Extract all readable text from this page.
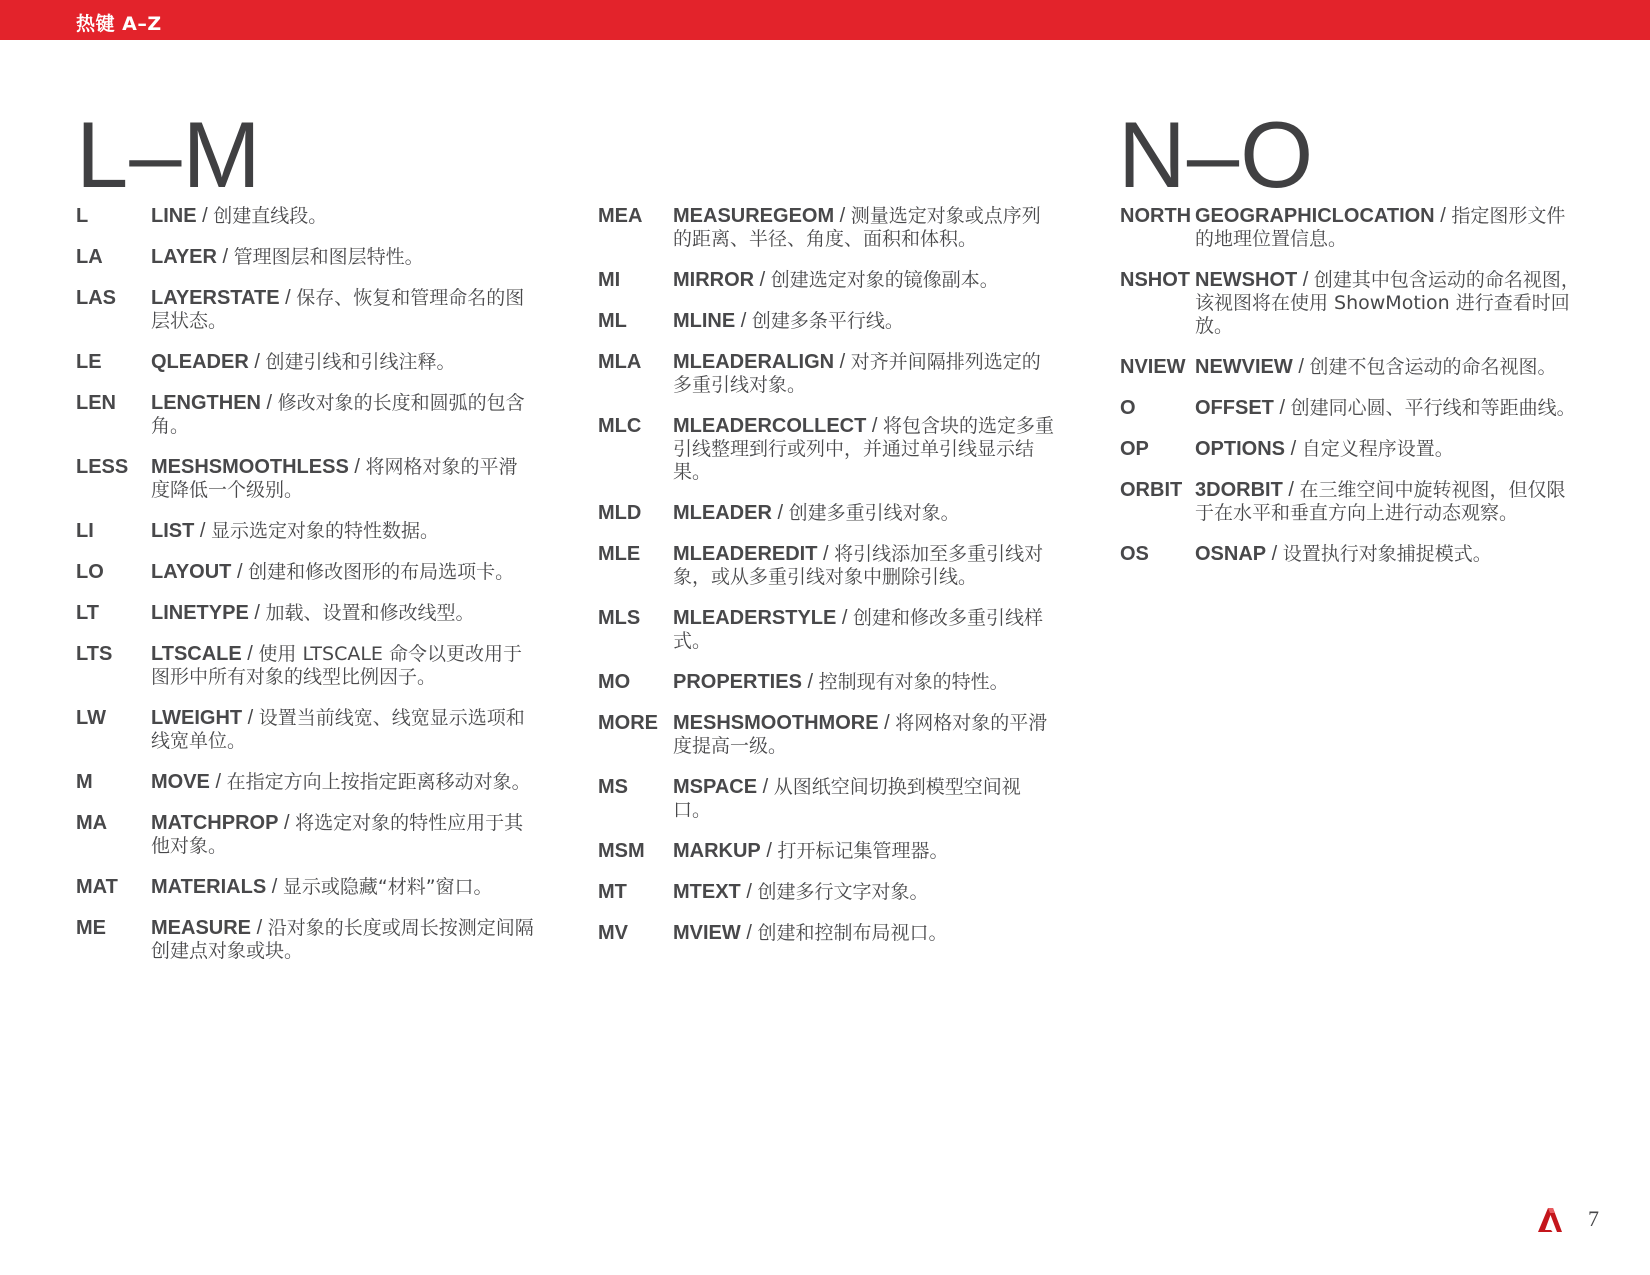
热键 A–Z
L–M	N–O
L	LINE / 创建直线段。
LA LAYER / 管理图层和图层特性。
LAS LAYERSTATE / 保存、恢复和管理命名的图层状态。
LE QLEADER / 创建引线和引线注释。
LEN LENGTHEN / 修改对象的长度和圆弧的包含角。
LESS MESHSMOOTHLESS / 将网格对象的平滑度降低一个级别。
LI	LIST / 显示选定对象的特性数据。
LO LAYOUT / 创建和修改图形的布局选项卡。
LT	LINETYPE / 加载、设置和修改线型。
LTS LTSCALE / 使用 LTSCALE 命令以更改用于图形中所有对象的线型比例因子。
LW LWEIGHT / 设置当前线宽、线宽显示选项和线宽单位。
M	MOVE / 在指定方向上按指定距离移动对象。
MA MATCHPROP / 将选定对象的特性应用于其他对象。
MAT MATERIALS / 显示或隐藏“材料”窗口。
ME MEASURE / 沿对象的长度或周长按测定间隔创建点对象或块。
MEA MEASUREGEOM / 测量选定对象或点序列的距离、半径、角度、面积和体积。
MI	MIRROR / 创建选定对象的镜像副本。
ML MLINE / 创建多条平行线。
MLA MLEADERALIGN / 对齐并间隔排列选定的多重引线对象。
MLC MLEADERCOLLECT / 将包含块的选定多重引线整理到行或列中，并通过单引线显示结果。
MLD MLEADER / 创建多重引线对象。
MLE MLEADEREDIT / 将引线添加至多重引线对象，或从多重引线对象中删除引线。
MLS MLEADERSTYLE / 创建和修改多重引线样式。
MO PROPERTIES / 控制现有对象的特性。
MORE MESHSMOOTHMORE / 将网格对象的平滑度提高一级。
MS MSPACE / 从图纸空间切换到模型空间视口。
MSM MARKUP / 打开标记集管理器。
MT MTEXT / 创建多行文字对象。
MV MVIEW / 创建和控制布局视口。
NORTH GEOGRAPHICLOCATION / 指定图形文件的地理位置信息。
NSHOT NEWSHOT / 创建其中包含运动的命名视图，该视图将在使用 ShowMotion 进行查看时回放。
NVIEW NEWVIEW / 创建不包含运动的命名视图。
O	OFFSET / 创建同心圆、平行线和等距曲线。
OP OPTIONS / 自定义程序设置。
ORBIT 3DORBIT / 在三维空间中旋转视图，但仅限于在水平和垂直方向上进行动态观察。
OS OSNAP / 设置执行对象捕捉模式。
7
